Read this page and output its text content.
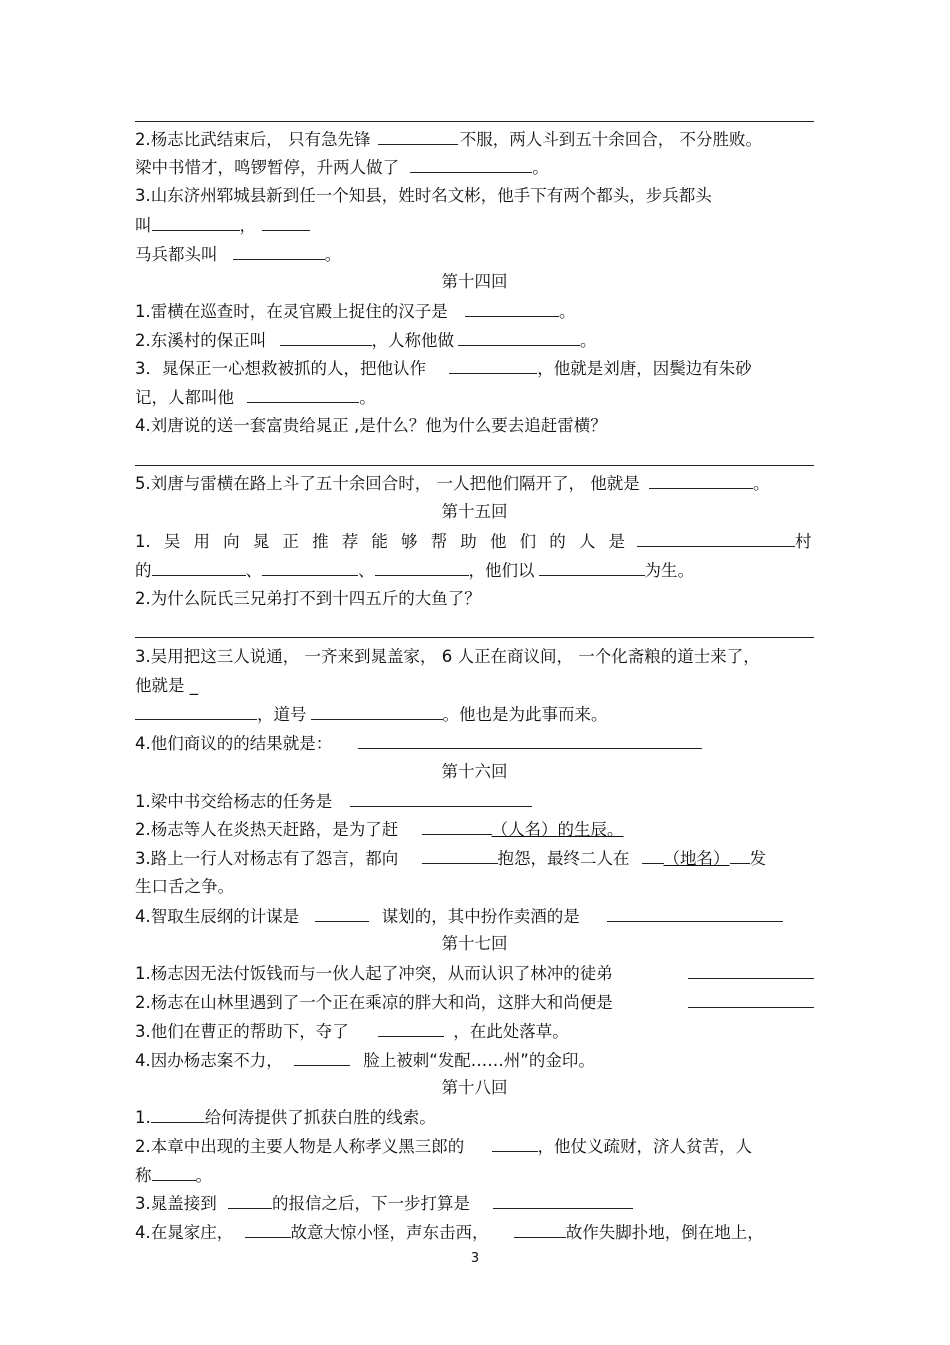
2.杨志比武结束后， 只有急先锋	不服，两人斗到五十余回合， 不分胜败。
梁中书惜才，鸣锣暂停，升两人做了	。
3.山东济州郓城县新到任一个知县，姓时名文彬，他手下有两个都头，步兵都头
叫	，
马兵都头叫	。
第十四回
1.雷横在巡查时，在灵官殿上捉住的汉子是	。
2.东溪村的保正叫	，人称他做	。
3．晁保正一心想救被抓的人，把他认作	，他就是刘唐，因鬓边有朱砂
记，人都叫他	。
4.刘唐说的送一套富贵给晁正 ,是什么？他为什么要去追赶雷横？
5.刘唐与雷横在路上斗了五十余回合时， 一人把他们隔开了， 他就是	。
第十五回
1. 吴 用 向 晁 正 推 荐 能 够 帮 助 他 们 的 人 是	村
的	、	、	，他们以	为生。
2.为什么阮氏三兄弟打不到十四五斤的大鱼了？
3.吴用把这三人说通， 一齐来到晁盖家， 6 人正在商议间， 一个化斋粮的道士来了，
他就是 _
，道号	。他也是为此事而来。
4.他们商议的的结果就是：
第十六回
1.梁中书交给杨志的任务是
2.杨志等人在炎热天赶路，是为了赶	（人名）的生辰。
3.路上一行人对杨志有了怨言，都向	抱怨，最终二人在 （地名） 发
生口舌之争。
4.智取生辰纲的计谋是	谋划的，其中扮作卖酒的是
第十七回
1.杨志因无法付饭钱而与一伙人起了冲突，从而认识了林冲的徒弟
2.杨志在山林里遇到了一个正在乘凉的胖大和尚，这胖大和尚便是
3.他们在曹正的帮助下，夺了	，在此处落草。
4.因办杨志案不力，	脸上被刺“发配……州”的金印。
第十八回
1.	给何涛提供了抓获白胜的线索。
2.本章中出现的主要人物是人称孝义黑三郎的	，他仗义疏财，济人贫苦，人
称	。
3.晁盖接到	的报信之后，下一步打算是
4.在晁家庄，	故意大惊小怪，声东击西，	故作失脚扑地，倒在地上，
3
